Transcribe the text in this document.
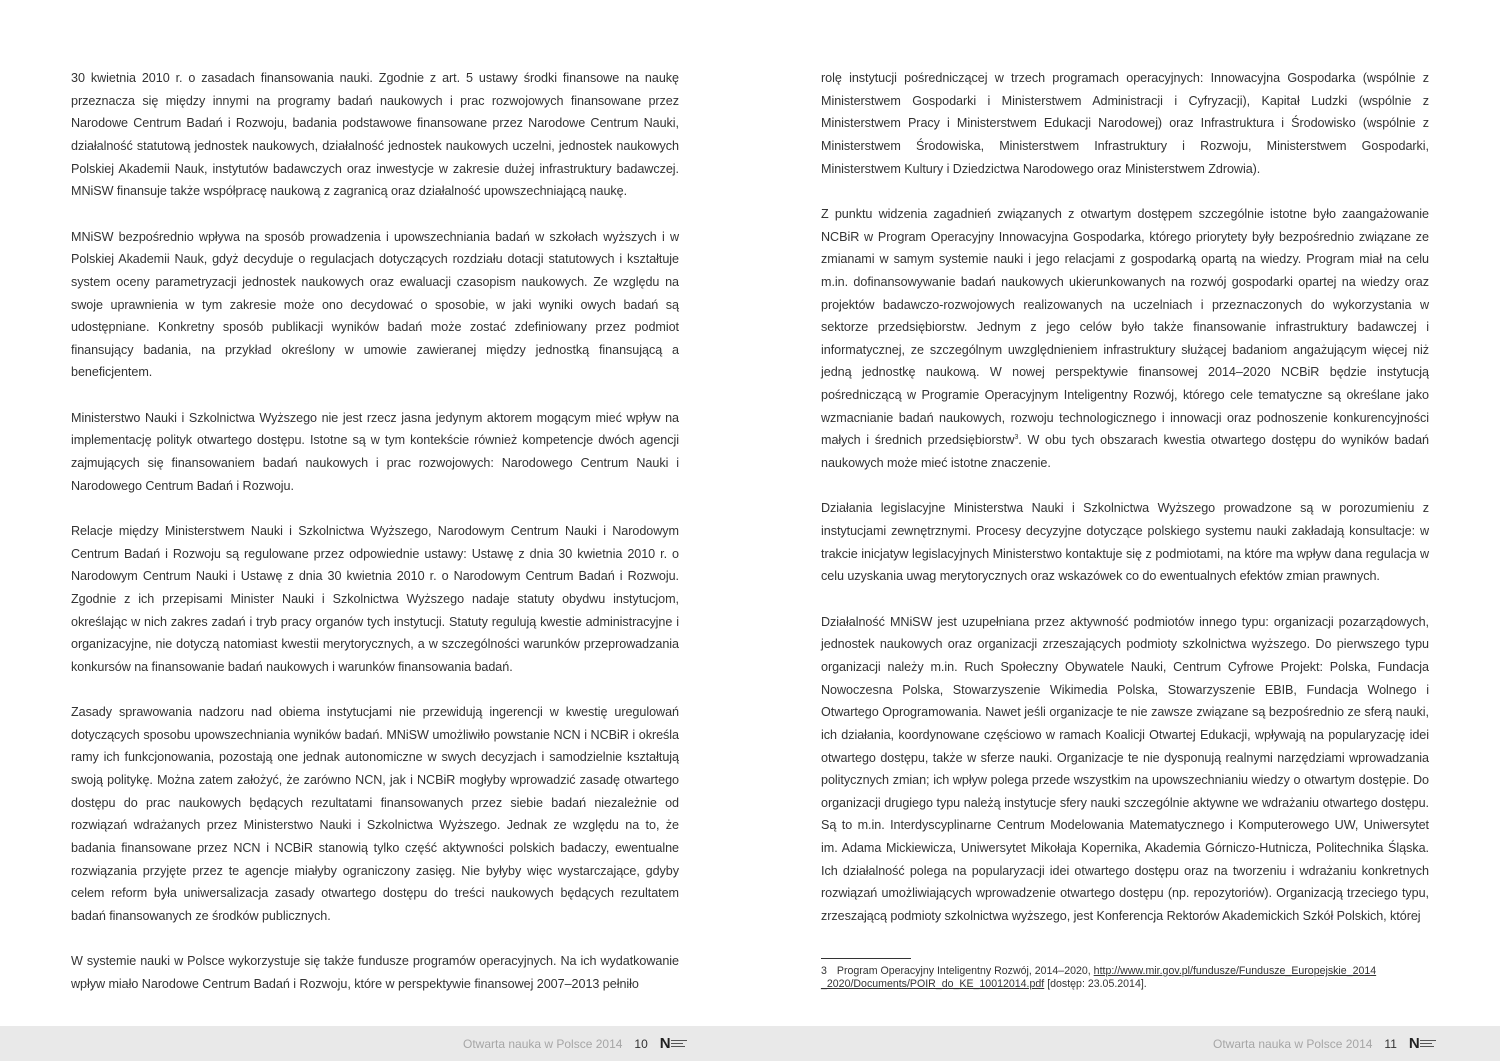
30 kwietnia 2010 r. o zasadach finansowania nauki. Zgodnie z art. 5 ustawy środki finansowe na naukę przeznacza się między innymi na programy badań naukowych i prac rozwojowych finansowane przez Narodowe Centrum Badań i Rozwoju, badania podstawowe finansowane przez Narodowe Centrum Nauki, działalność statutową jednostek naukowych, działalność jednostek naukowych uczelni, jednostek naukowych Polskiej Akademii Nauk, instytutów badawczych oraz inwestycje w zakresie dużej infrastruktury badawczej. MNiSW finansuje także współpracę naukową z zagranicą oraz działalność upowszechniającą naukę.

MNiSW bezpośrednio wpływa na sposób prowadzenia i upowszechniania badań w szkołach wyższych i w Polskiej Akademii Nauk, gdyż decyduje o regulacjach dotyczących rozdziału dotacji statutowych i kształtuje system oceny parametryzacji jednostek naukowych oraz ewaluacji czasopism naukowych. Ze względu na swoje uprawnienia w tym zakresie może ono decydować o sposobie, w jaki wyniki owych badań są udostępniane. Konkretny sposób publikacji wyników badań może zostać zdefiniowany przez podmiot finansujący badania, na przykład określony w umowie zawieranej między jednostką finansującą a beneficjentem.

Ministerstwo Nauki i Szkolnictwa Wyższego nie jest rzecz jasna jedynym aktorem mogącym mieć wpływ na implementację polityk otwartego dostępu. Istotne są w tym kontekście również kompetencje dwóch agencji zajmujących się finansowaniem badań naukowych i prac rozwojowych: Narodowego Centrum Nauki i Narodowego Centrum Badań i Rozwoju.

Relacje między Ministerstwem Nauki i Szkolnictwa Wyższego, Narodowym Centrum Nauki i Narodowym Centrum Badań i Rozwoju są regulowane przez odpowiednie ustawy: Ustawę z dnia 30 kwietnia 2010 r. o Narodowym Centrum Nauki i Ustawę z dnia 30 kwietnia 2010 r. o Narodowym Centrum Badań i Rozwoju. Zgodnie z ich przepisami Minister Nauki i Szkolnictwa Wyższego nadaje statuty obydwu instytucjom, określając w nich zakres zadań i tryb pracy organów tych instytucji. Statuty regulują kwestie administracyjne i organizacyjne, nie dotyczą natomiast kwestii merytorycznych, a w szczególności warunków przeprowadzania konkursów na finansowanie badań naukowych i warunków finansowania badań.

Zasady sprawowania nadzoru nad obiema instytucjami nie przewidują ingerencji w kwestię uregulowań dotyczących sposobu upowszechniania wyników badań. MNiSW umożliwiło powstanie NCN i NCBiR i określa ramy ich funkcjonowania, pozostają one jednak autonomiczne w swych decyzjach i samodzielnie kształtują swoją politykę. Można zatem założyć, że zarówno NCN, jak i NCBiR mogłyby wprowadzić zasadę otwartego dostępu do prac naukowych będących rezultatami finansowanych przez siebie badań niezależnie od rozwiązań wdrażanych przez Ministerstwo Nauki i Szkolnictwa Wyższego. Jednak ze względu na to, że badania finansowane przez NCN i NCBiR stanowią tylko część aktywności polskich badaczy, ewentualne rozwiązania przyjęte przez te agencje miałyby ograniczony zasięg. Nie byłyby więc wystarczające, gdyby celem reform była uniwersalizacja zasady otwartego dostępu do treści naukowych będących rezultatem badań finansowanych ze środków publicznych.

W systemie nauki w Polsce wykorzystuje się także fundusze programów operacyjnych. Na ich wydatkowanie wpływ miało Narodowe Centrum Badań i Rozwoju, które w perspektywie finansowej 2007–2013 pełniło

rolę instytucji pośredniczącej w trzech programach operacyjnych: Innowacyjna Gospodarka (wspólnie z Ministerstwem Gospodarki i Ministerstwem Administracji i Cyfryzacji), Kapitał Ludzki (wspólnie z Ministerstwem Pracy i Ministerstwem Edukacji Narodowej) oraz Infrastruktura i Środowisko (wspólnie z Ministerstwem Środowiska, Ministerstwem Infrastruktury i Rozwoju, Ministerstwem Gospodarki, Ministerstwem Kultury i Dziedzictwa Narodowego oraz Ministerstwem Zdrowia).

Z punktu widzenia zagadnień związanych z otwartym dostępem szczególnie istotne było zaangażowanie NCBiR w Program Operacyjny Innowacyjna Gospodarka, którego priorytety były bezpośrednio związane ze zmianami w samym systemie nauki i jego relacjami z gospodarką opartą na wiedzy. Program miał na celu m.in. dofinansowywanie badań naukowych ukierunkowanych na rozwój gospodarki opartej na wiedzy oraz projektów badawczo-rozwojowych realizowanych na uczelniach i przeznaczonych do wykorzystania w sektorze przedsiębiorstw. Jednym z jego celów było także finansowanie infrastruktury badawczej i informatycznej, ze szczególnym uwzględnieniem infrastruktury służącej badaniom angażującym więcej niż jedną jednostkę naukową. W nowej perspektywie finansowej 2014–2020 NCBiR będzie instytucją pośredniczącą w Programie Operacyjnym Inteligentny Rozwój, którego cele tematyczne są określane jako wzmacnianie badań naukowych, rozwoju technologicznego i innowacji oraz podnoszenie konkurencyjności małych i średnich przedsiębiorstw$^3$. W obu tych obszarach kwestia otwartego dostępu do wyników badań naukowych może mieć istotne znaczenie.

Działania legislacyjne Ministerstwa Nauki i Szkolnictwa Wyższego prowadzone są w porozumieniu z instytucjami zewnętrznymi. Procesy decyzyjne dotyczące polskiego systemu nauki zakładają konsultacje: w trakcie inicjatyw legislacyjnych Ministerstwo kontaktuje się z podmiotami, na które ma wpływ dana regulacja w celu uzyskania uwag merytorycznych oraz wskazówek co do ewentualnych efektów zmian prawnych.

Działalność MNiSW jest uzupełniana przez aktywność podmiotów innego typu: organizacji pozarządowych, jednostek naukowych oraz organizacji zrzeszających podmioty szkolnictwa wyższego. Do pierwszego typu organizacji należy m.in. Ruch Społeczny Obywatele Nauki, Centrum Cyfrowe Projekt: Polska, Fundacja Nowoczesna Polska, Stowarzyszenie Wikimedia Polska, Stowarzyszenie EBIB, Fundacja Wolnego i Otwartego Oprogramowania. Nawet jeśli organizacje te nie zawsze związane są bezpośrednio ze sferą nauki, ich działania, koordynowane częściowo w ramach Koalicji Otwartej Edukacji, wpływają na popularyzację idei otwartego dostępu, także w sferze nauki. Organizacje te nie dysponują realnymi narzędziami wprowadzania politycznych zmian; ich wpływ polega przede wszystkim na upowszechnianiu wiedzy o otwartym dostępie. Do organizacji drugiego typu należą instytucje sfery nauki szczególnie aktywne we wdrażaniu otwartego dostępu. Są to m.in. Interdyscyplinarne Centrum Modelowania Matematycznego i Komputerowego UW, Uniwersytet im. Adama Mickiewicza, Uniwersytet Mikołaja Kopernika, Akademia Górniczo-Hutnicza, Politechnika Śląska. Ich działalność polega na popularyzacji idei otwartego dostępu oraz na tworzeniu i wdrażaniu konkretnych rozwiązań umożliwiających wprowadzenie otwartego dostępu (np. repozytoriów). Organizacją trzeciego typu, zrzeszającą podmioty szkolnictwa wyższego, jest Konferencja Rektorów Akademickich Szkół Polskich, której

3 Program Operacyjny Inteligentny Rozwój, 2014–2020, http://www.mir.gov.pl/fundusze/Fundusze_Europejskie_2014_2020/Documents/POIR_do_KE_10012014.pdf [dostęp: 23.05.2014].
Otwarta nauka w Polsce 2014 10 N	Otwarta nauka w Polsce 2014 11 N
